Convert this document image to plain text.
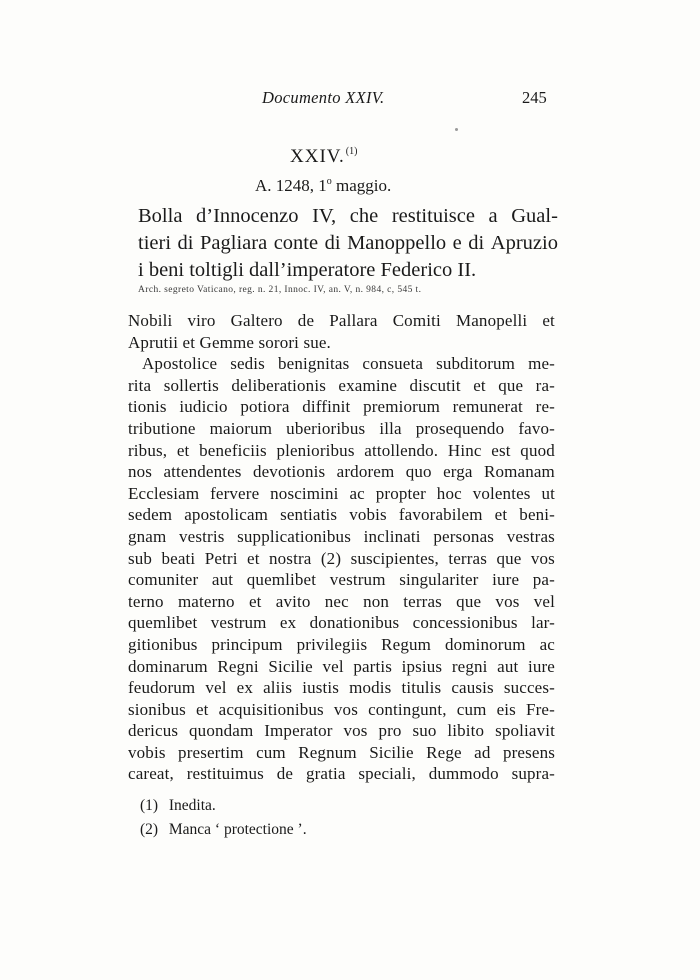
Documento XXIV.	245
XXIV.$^{(1)}$
A. 1248, 1$^o$ maggio.
Bolla d’Innocenzo IV, che restituisce a Gual-
tieri di Pagliara conte di Manoppello e di Apruzio
i beni toltigli dall’imperatore Federico II.
Arch. segreto Vaticano, reg. n. 21, Innoc. IV, an. V, n. 984, c, 545 t.
Nobili viro Galtero de Pallara Comiti Manopelli et
Aprutii et Gemme sorori sue.
Apostolice sedis benignitas consueta subditorum me-
rita sollertis deliberationis examine discutit et que ra-
tionis iudicio potiora diffinit premiorum remunerat re-
tributione maiorum uberioribus illa prosequendo favo-
ribus, et beneficiis plenioribus attollendo. Hinc est quod
nos attendentes devotionis ardorem quo erga Romanam
Ecclesiam fervere noscimini ac propter hoc volentes ut
sedem apostolicam sentiatis vobis favorabilem et beni-
gnam vestris supplicationibus inclinati personas vestras
sub beati Petri et nostra (2) suscipientes, terras que vos
comuniter aut quemlibet vestrum singulariter iure pa-
terno materno et avito nec non terras que vos vel
quemlibet vestrum ex donationibus concessionibus lar-
gitionibus principum privilegiis Regum dominorum ac
dominarum Regni Sicilie vel partis ipsius regni aut iure
feudorum vel ex aliis iustis modis titulis causis succes-
sionibus et acquisitionibus vos contingunt, cum eis Fre-
dericus quondam Imperator vos pro suo libito spoliavit
vobis presertim cum Regnum Sicilie Rege ad presens
careat, restituimus de gratia speciali, dummodo supra-
(1) Inedita.
(2) Manca ‘ protectione ’.
